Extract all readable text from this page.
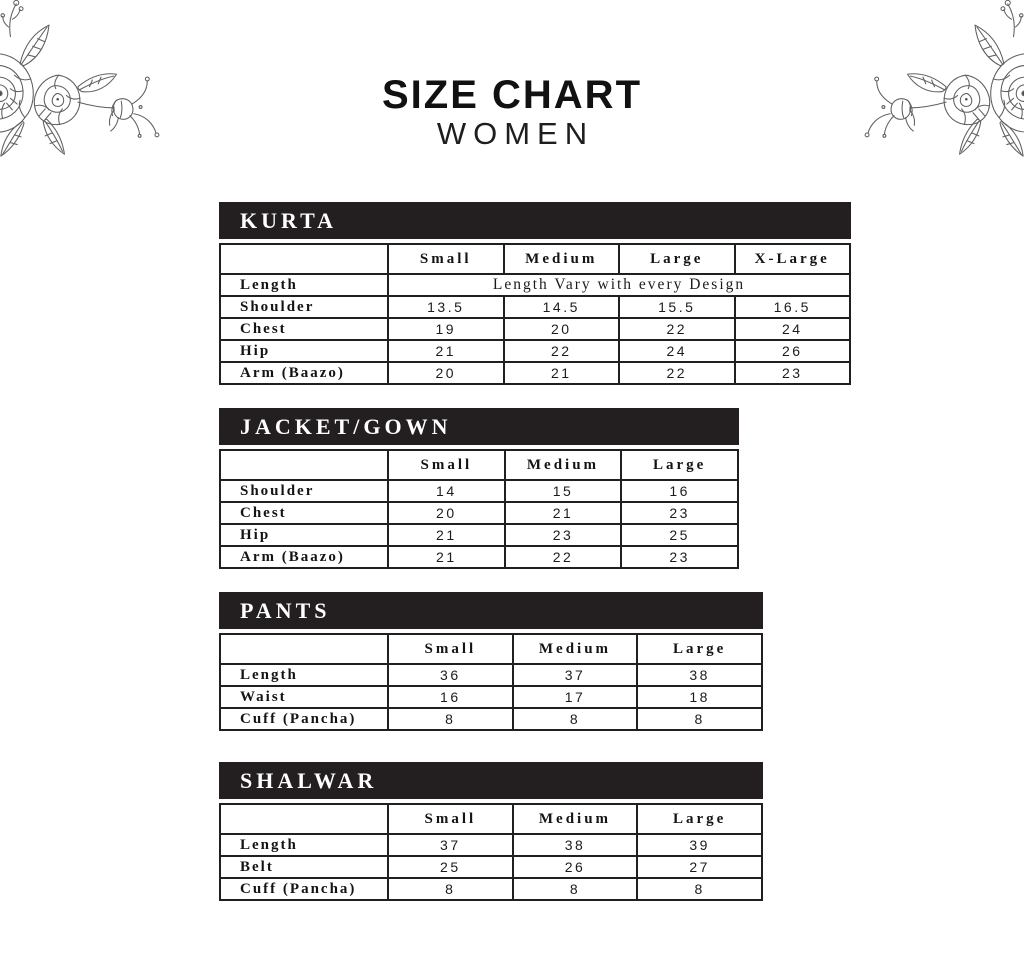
SIZE CHART
WOMEN
KURTA
	Small	Medium	Large	X-Large
Length	Length Vary with every Design			
Shoulder	13.5	14.5	15.5	16.5
Chest	19	20	22	24
Hip	21	22	24	26
Arm (Baazo)	20	21	22	23
JACKET/GOWN
	Small	Medium	Large
Shoulder	14	15	16
Chest	20	21	23
Hip	21	23	25
Arm (Baazo)	21	22	23
PANTS
	Small	Medium	Large
Length	36	37	38
Waist	16	17	18
Cuff (Pancha)	8	8	8
SHALWAR
	Small	Medium	Large
Length	37	38	39
Belt	25	26	27
Cuff (Pancha)	8	8	8
